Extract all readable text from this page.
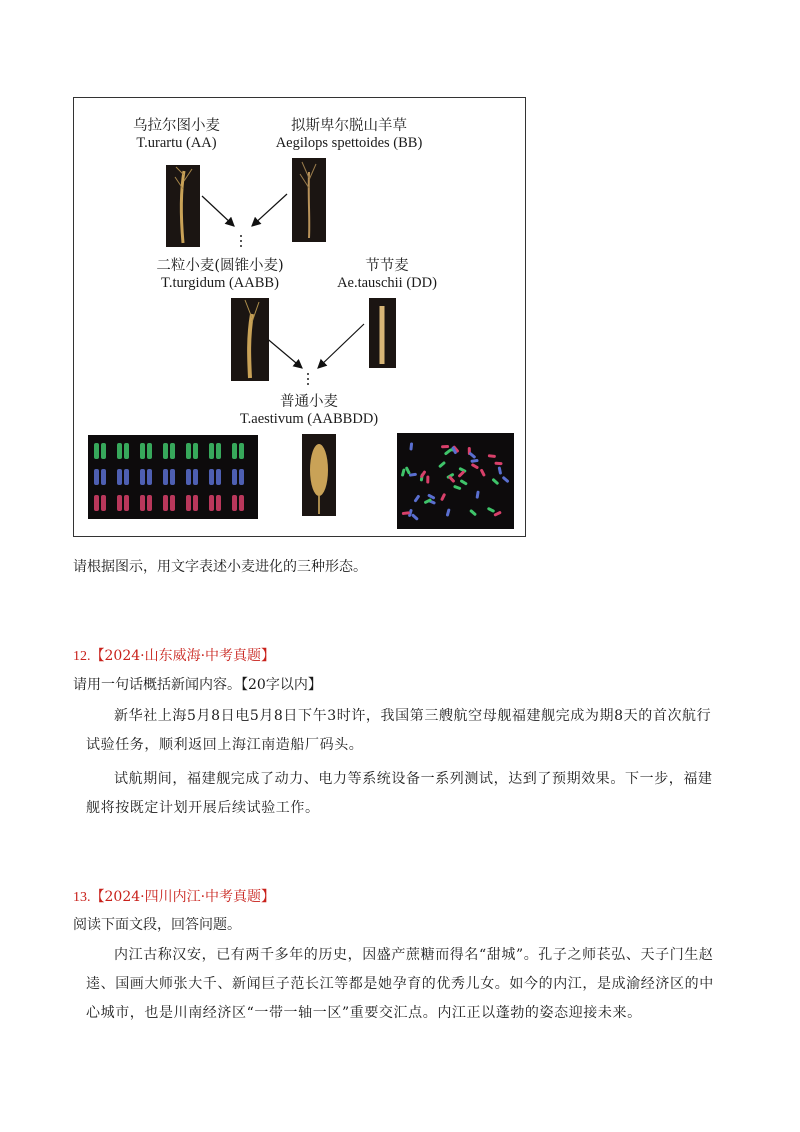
乌拉尔图小麦
T.urartu (AA)
拟斯卑尔脱山羊草
Aegilops spettoides (BB)
二粒小麦(圆锥小麦)
T.turgidum (AABB)
节节麦
Ae.tauschii (DD)
普通小麦
T.aestivum (AABBDD)
请根据图示，用文字表述小麦进化的三种形态。
12.【2024·山东威海·中考真题】
请用一句话概括新闻内容。【20字以内】
新华社上海5月8日电5月8日下午3时许，我国第三艘航空母舰福建舰完成为期8天的首次航行试验任务，顺利返回上海江南造船厂码头。
试航期间，福建舰完成了动力、电力等系统设备一系列测试，达到了预期效果。下一步，福建舰将按既定计划开展后续试验工作。
13.【2024·四川内江·中考真题】
阅读下面文段，回答问题。
内江古称汉安，已有两千多年的历史，因盛产蔗糖而得名“甜城”。孔子之师苌弘、天子门生赵逵、国画大师张大千、新闻巨子范长江等都是她孕育的优秀儿女。如今的内江，是成渝经济区的中心城市，也是川南经济区“一带一轴一区”重要交汇点。内江正以蓬勃的姿态迎接未来。
